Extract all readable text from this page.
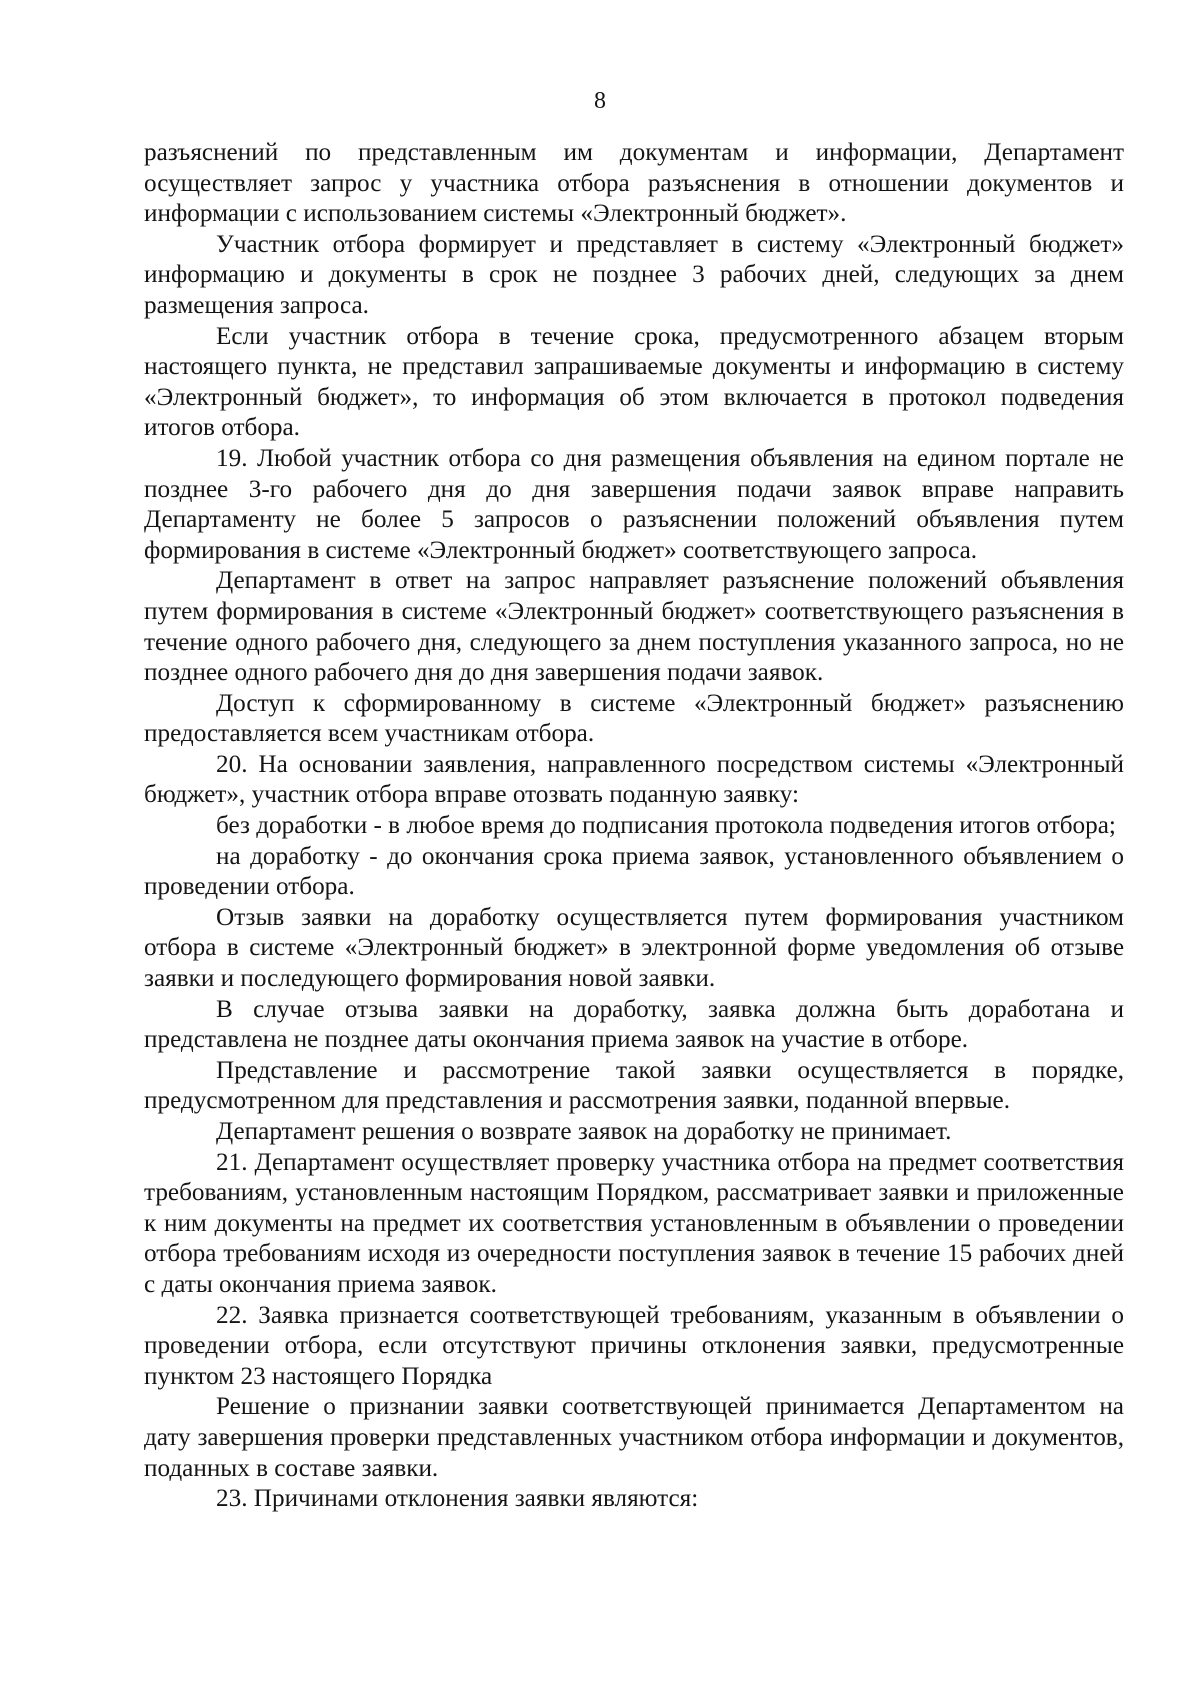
8

разъяснений по представленным им документам и информации, Департамент осуществляет запрос у участника отбора разъяснения в отношении документов и информации с использованием системы «Электронный бюджет».

Участник отбора формирует и представляет в систему «Электронный бюджет» информацию и документы в срок не позднее 3 рабочих дней, следующих за днем размещения запроса.

Если участник отбора в течение срока, предусмотренного абзацем вторым настоящего пункта, не представил запрашиваемые документы и информацию в систему «Электронный бюджет», то информация об этом включается в протокол подведения итогов отбора.

19. Любой участник отбора со дня размещения объявления на едином портале не позднее 3-го рабочего дня до дня завершения подачи заявок вправе направить Департаменту не более 5 запросов о разъяснении положений объявления путем формирования в системе «Электронный бюджет» соответствующего запроса.

Департамент в ответ на запрос направляет разъяснение положений объявления путем формирования в системе «Электронный бюджет» соответствующего разъяснения в течение одного рабочего дня, следующего за днем поступления указанного запроса, но не позднее одного рабочего дня до дня завершения подачи заявок.

Доступ к сформированному в системе «Электронный бюджет» разъяснению предоставляется всем участникам отбора.

20. На основании заявления, направленного посредством системы «Электронный бюджет», участник отбора вправе отозвать поданную заявку:

без доработки - в любое время до подписания протокола подведения итогов отбора;

на доработку - до окончания срока приема заявок, установленного объявлением о проведении отбора.

Отзыв заявки на доработку осуществляется путем формирования участником отбора в системе «Электронный бюджет» в электронной форме уведомления об отзыве заявки и последующего формирования новой заявки.

В случае отзыва заявки на доработку, заявка должна быть доработана и представлена не позднее даты окончания приема заявок на участие в отборе.

Представление и рассмотрение такой заявки осуществляется в порядке, предусмотренном для представления и рассмотрения заявки, поданной впервые.

Департамент решения о возврате заявок на доработку не принимает.

21. Департамент осуществляет проверку участника отбора на предмет соответствия требованиям, установленным настоящим Порядком, рассматривает заявки и приложенные к ним документы на предмет их соответствия установленным в объявлении о проведении отбора требованиям исходя из очередности поступления заявок в течение 15 рабочих дней с даты окончания приема заявок.

22. Заявка признается соответствующей требованиям, указанным в объявлении о проведении отбора, если отсутствуют причины отклонения заявки, предусмотренные пунктом 23 настоящего Порядка

Решение о признании заявки соответствующей принимается Департаментом на дату завершения проверки представленных участником отбора информации и документов, поданных в составе заявки.

23. Причинами отклонения заявки являются:
